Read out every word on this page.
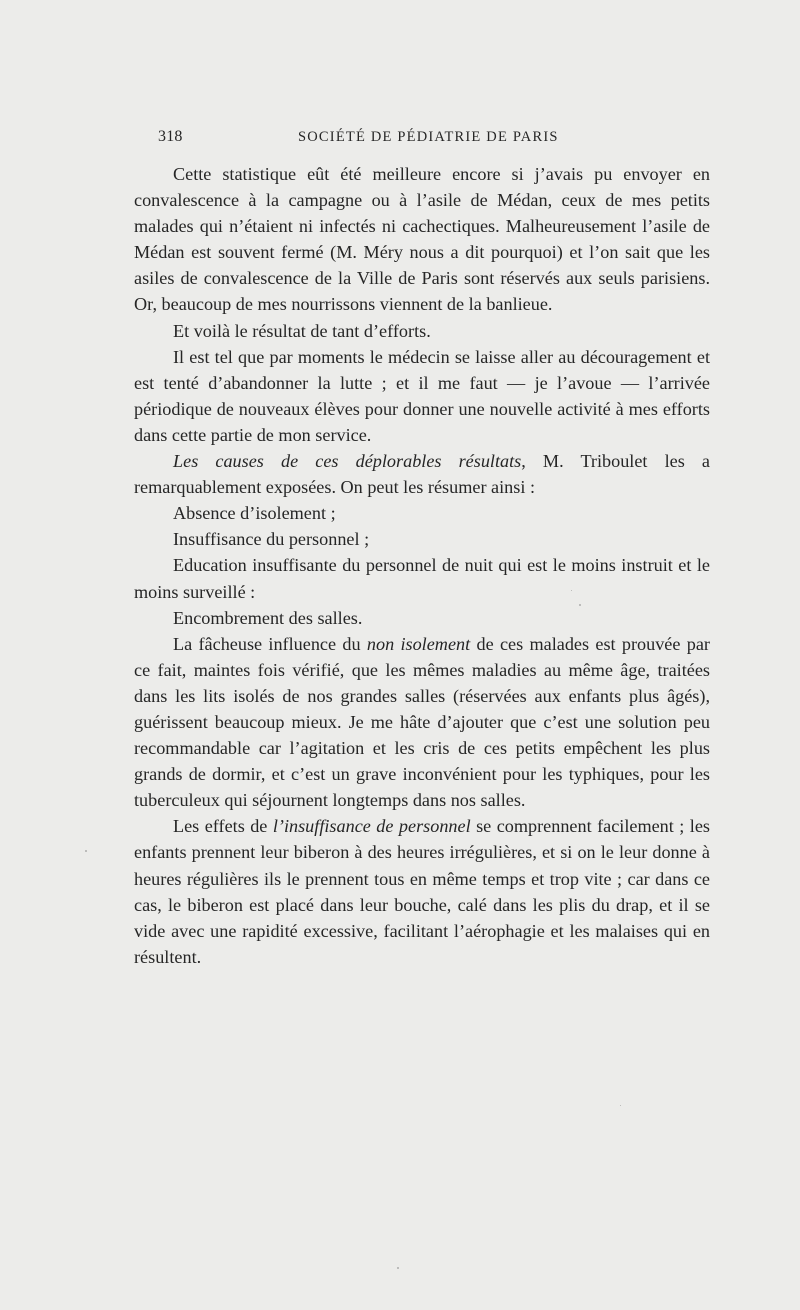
318	SOCIÉTÉ DE PÉDIATRIE DE PARIS

Cette statistique eût été meilleure encore si j’avais pu envoyer en convalescence à la campagne ou à l’asile de Médan, ceux de mes petits malades qui n’étaient ni infectés ni cachectiques. Malheureusement l’asile de Médan est souvent fermé (M. Méry nous a dit pourquoi) et l’on sait que les asiles de convalescence de la Ville de Paris sont réservés aux seuls parisiens. Or, beaucoup de mes nourrissons viennent de la banlieue.

Et voilà le résultat de tant d’efforts.

Il est tel que par moments le médecin se laisse aller au découragement et est tenté d’abandonner la lutte ; et il me faut — je l’avoue — l’arrivée périodique de nouveaux élèves pour donner une nouvelle activité à mes efforts dans cette partie de mon service.

Les causes de ces déplorables résultats, M. Triboulet les a remarquablement exposées. On peut les résumer ainsi :

Absence d’isolement ;

Insuffisance du personnel ;

Education insuffisante du personnel de nuit qui est le moins instruit et le moins surveillé :

Encombrement des salles.

La fâcheuse influence du non isolement de ces malades est prouvée par ce fait, maintes fois vérifié, que les mêmes maladies au même âge, traitées dans les lits isolés de nos grandes salles (réservées aux enfants plus âgés), guérissent beaucoup mieux. Je me hâte d’ajouter que c’est une solution peu recommandable car l’agitation et les cris de ces petits empêchent les plus grands de dormir, et c’est un grave inconvénient pour les typhiques, pour les tuberculeux qui séjournent longtemps dans nos salles.

Les effets de l’insuffisance de personnel se comprennent facilement ; les enfants prennent leur biberon à des heures irrégulières, et si on le leur donne à heures régulières ils le prennent tous en même temps et trop vite ; car dans ce cas, le biberon est placé dans leur bouche, calé dans les plis du drap, et il se vide avec une rapidité excessive, facilitant l’aérophagie et les malaises qui en résultent.
